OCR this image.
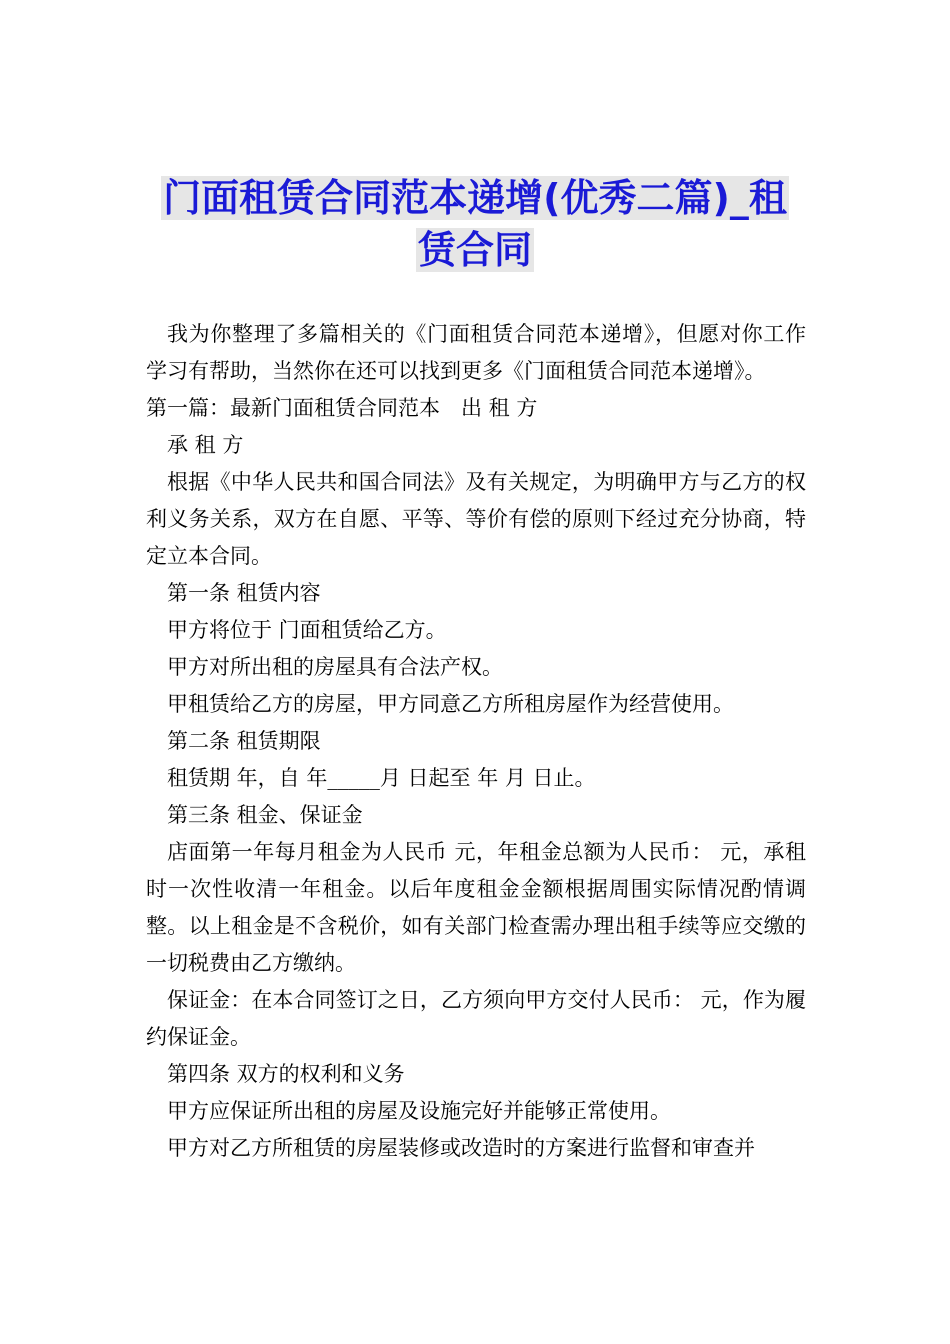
门面租赁合同范本递增(优秀二篇)_租
赁合同

我为你整理了多篇相关的《门面租赁合同范本递增》，但愿对你工作学习有帮助，当然你在还可以找到更多《门面租赁合同范本递增》。

第一篇：最新门面租赁合同范本　出 租 方

承 租 方

根据《中华人民共和国合同法》及有关规定，为明确甲方与乙方的权利义务关系，双方在自愿、平等、等价有偿的原则下经过充分协商，特定立本合同。

第一条 租赁内容

甲方将位于 门面租赁给乙方。

甲方对所出租的房屋具有合法产权。

甲租赁给乙方的房屋，甲方同意乙方所租房屋作为经营使用。

第二条 租赁期限

租赁期 年，自 年_____月 日起至 年 月 日止。

第三条 租金、保证金

店面第一年每月租金为人民币 元，年租金总额为人民币： 元，承租时一次性收清一年租金。以后年度租金金额根据周围实际情况酌情调整。以上租金是不含税价，如有关部门检查需办理出租手续等应交缴的一切税费由乙方缴纳。

保证金：在本合同签订之日，乙方须向甲方交付人民币： 元，作为履约保证金。

第四条 双方的权利和义务

甲方应保证所出租的房屋及设施完好并能够正常使用。

甲方对乙方所租赁的房屋装修或改造时的方案进行监督和审查并
